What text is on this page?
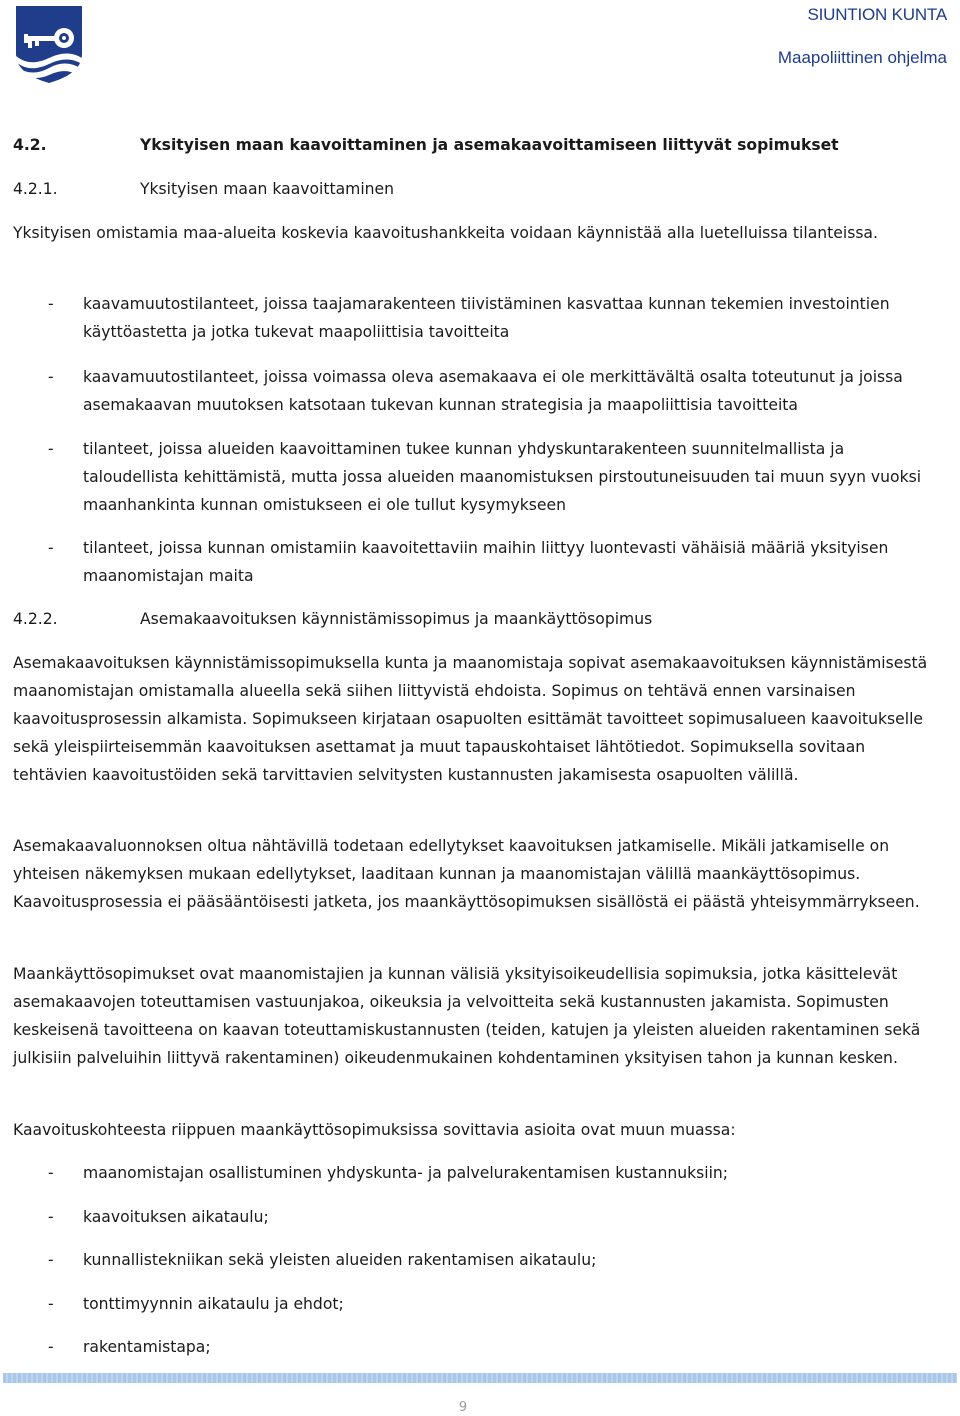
SIUNTION KUNTA
Maapoliittinen ohjelma
4.2.	Yksityisen maan kaavoittaminen ja asemakaavoittamiseen liittyvät sopimukset
4.2.1.	Yksityisen maan kaavoittaminen

Yksityisen omistamia maa-alueita koskevia kaavoitushankkeita voidaan käynnistää alla luetelluissa tilanteissa.

- kaavamuutostilanteet, joissa taajamarakenteen tiivistäminen kasvattaa kunnan tekemien investointien käyttöastetta ja jotka tukevat maapoliittisia tavoitteita
- kaavamuutostilanteet, joissa voimassa oleva asemakaava ei ole merkittävältä osalta toteutunut ja joissa asemakaavan muutoksen katsotaan tukevan kunnan strategisia ja maapoliittisia tavoitteita
- tilanteet, joissa alueiden kaavoittaminen tukee kunnan yhdyskuntarakenteen suunnitelmallista ja taloudellista kehittämistä, mutta jossa alueiden maanomistuksen pirstoutuneisuuden tai muun syyn vuoksi maanhankinta kunnan omistukseen ei ole tullut kysymykseen
- tilanteet, joissa kunnan omistamiin kaavoitettaviin maihin liittyy luontevasti vähäisiä määriä yksityisen maanomistajan maita
4.2.2.	Asemakaavoituksen käynnistämissopimus ja maankäyttösopimus

Asemakaavoituksen käynnistämissopimuksella kunta ja maanomistaja sopivat asemakaavoituksen käynnistämisestä maanomistajan omistamalla alueella sekä siihen liittyvistä ehdoista. Sopimus on tehtävä ennen varsinaisen kaavoitusprosessin alkamista. Sopimukseen kirjataan osapuolten esittämät tavoitteet sopimusalueen kaavoitukselle sekä yleispiirteisemmän kaavoituksen asettamat ja muut tapauskohtaiset lähtötiedot. Sopimuksella sovitaan tehtävien kaavoitustöiden sekä tarvittavien selvitysten kustannusten jakamisesta osapuolten välillä.

Asemakaavaluonnoksen oltua nähtävillä todetaan edellytykset kaavoituksen jatkamiselle. Mikäli jatkamiselle on yhteisen näkemyksen mukaan edellytykset, laaditaan kunnan ja maanomistajan välillä maankäyttösopimus. Kaavoitusprosessia ei pääsääntöisesti jatketa, jos maankäyttösopimuksen sisällöstä ei päästä yhteisymmärrykseen.

Maankäyttösopimukset ovat maanomistajien ja kunnan välisiä yksityisoikeudellisia sopimuksia, jotka käsittelevät asemakaavojen toteuttamisen vastuunjakoa, oikeuksia ja velvoitteita sekä kustannusten jakamista. Sopimusten keskeisenä tavoitteena on kaavan toteuttamiskustannusten (teiden, katujen ja yleisten alueiden rakentaminen sekä julkisiin palveluihin liittyvä rakentaminen) oikeudenmukainen kohdentaminen yksityisen tahon ja kunnan kesken.

Kaavoituskohteesta riippuen maankäyttösopimuksissa sovittavia asioita ovat muun muassa:

- maanomistajan osallistuminen yhdyskunta- ja palvelurakentamisen kustannuksiin;
- kaavoituksen aikataulu;
- kunnallistekniikan sekä yleisten alueiden rakentamisen aikataulu;
- tonttimyynnin aikataulu ja ehdot;
- rakentamistapa;
9
